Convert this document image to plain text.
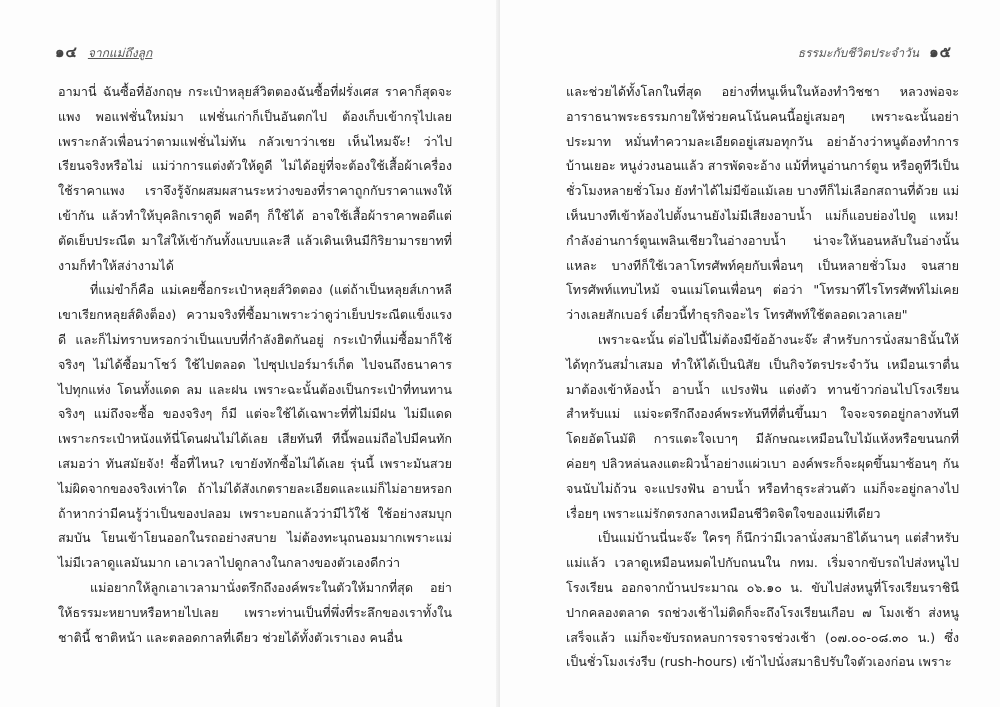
๑๔ จากแม่ถึงลูก

อามานี่ ฉันซื้อที่อังกฤษ กระเป๋าหลุยส์วิตตองฉันซื้อที่ฝรั่งเศส ราคาก็สุดจะแพง พอแฟชั่นใหม่มา แฟชั่นเก่าก็เป็นอันตกไป ต้องเก็บเข้ากรุไปเลย เพราะกลัวเพื่อนว่าตามแฟชั่นไม่ทัน กลัวเขาว่าเชย เห็นไหมจ๊ะ! ว่าไปเรียนจริงหรือไม่ แม่ว่าการแต่งตัวให้ดูดี ไม่ได้อยู่ที่จะต้องใช้เสื้อผ้าเครื่องใช้ราคาแพง เราจึงรู้จักผสมผสานระหว่างของที่ราคาถูกกับราคาแพงให้เข้ากัน แล้วทำให้บุคลิกเราดูดี พอดีๆ ก็ใช้ได้ อาจใช้เสื้อผ้าราคาพอดีแต่ตัดเย็บประณีต มาใส่ให้เข้ากันทั้งแบบและสี แล้วเดินเหินมีกิริยามารยาทที่งามก็ทำให้สง่างามได้

ที่แม่ขำก็คือ แม่เคยซื้อกระเป๋าหลุยส์วิตตอง (แต่ถ้าเป็นหลุยส์เกาหลีเขาเรียกหลุยส์ดิงต็อง) ความจริงที่ซื้อมาเพราะว่าดูว่าเย็บประณีตแข็งแรงดี และก็ไม่ทราบหรอกว่าเป็นแบบที่กำลังฮิตกันอยู่ กระเป๋าที่แม่ซื้อมาก็ใช้จริงๆ ไม่ได้ซื้อมาโชว์ ใช้ไปตลอด ไปซุปเปอร์มาร์เก็ต ไปจนถึงธนาคาร ไปทุกแห่ง โดนทั้งแดด ลม และฝน เพราะฉะนั้นต้องเป็นกระเป๋าที่ทนทานจริงๆ แม่ถึงจะซื้อ ของจริงๆ ก็มี แต่จะใช้ได้เฉพาะที่ที่ไม่มีฝน ไม่มีแดด เพราะกระเป๋าหนังแท้นี่โดนฝนไม่ได้เลย เสียทันที ทีนี้พอแม่ถือไปมีคนทักเสมอว่า ทันสมัยจัง! ซื้อที่ไหน? เขายังทักซื้อไม่ได้เลย รุ่นนี้ เพราะมันสวยไม่ผิดจากของจริงเท่าใด ถ้าไม่ได้สังเกตรายละเอียดและแม่ก็ไม่อายหรอก ถ้าหากว่ามีคนรู้ว่าเป็นของปลอม เพราะบอกแล้วว่ามีไว้ใช้ ใช้อย่างสมบุกสมบัน โยนเข้าโยนออกในรถอย่างสบาย ไม่ต้องทะนุถนอมมากเพราะแม่ไม่มีเวลาดูแลมันมาก เอาเวลาไปดูกลางในกลางของตัวเองดีกว่า

แม่อยากให้ลูกเอาเวลามานั่งตรึกถึงองค์พระในตัวให้มากที่สุด อย่าให้ธรรมะหยาบหรือหายไปเลย เพราะท่านเป็นที่พึ่งที่ระลึกของเราทั้งในชาตินี้ ชาติหน้า และตลอดกาลที่เดียว ช่วยได้ทั้งตัวเราเอง คนอื่น

ธรรมะกับชีวิตประจำวัน ๑๕

และช่วยได้ทั้งโลกในที่สุด อย่างที่หนูเห็นในห้องทำวิชชา หลวงพ่อจะอาราธนาพระธรรมกายให้ช่วยคนโน้นคนนี้อยู่เสมอๆ เพราะฉะนั้นอย่าประมาท หมั่นทำความละเอียดอยู่เสมอทุกวัน อย่าอ้างว่าหนูต้องทำการบ้านเยอะ หนูง่วงนอนแล้ว สารพัดจะอ้าง แม้ที่หนูอ่านการ์ตูน หรือดูทีวีเป็นชั่วโมงหลายชั่วโมง ยังทำได้ไม่มีข้อแม้เลย บางทีก็ไม่เลือกสถานที่ด้วย แม่เห็นบางทีเข้าห้องไปตั้งนานยังไม่มีเสียงอาบน้ำ แม่ก็แอบย่องไปดู แหม! กำลังอ่านการ์ตูนเพลินเชียวในอ่างอาบน้ำ น่าจะให้นอนหลับในอ่างนั้นแหละ บางทีก็ใช้เวลาโทรศัพท์คุยกับเพื่อนๆ เป็นหลายชั่วโมง จนสายโทรศัพท์แทบไหม้ จนแม่โดนเพื่อนๆ ต่อว่า "โทรมาทีไรโทรศัพท์ไม่เคยว่างเลยสักเบอร์ เดี๋ยวนี้ทำธุรกิจอะไร โทรศัพท์ใช้ตลอดเวลาเลย"

เพราะฉะนั้น ต่อไปนี้ไม่ต้องมีข้ออ้างนะจ๊ะ สำหรับการนั่งสมาธินั้นให้ได้ทุกวันสม่ำเสมอ ทำให้ได้เป็นนิสัย เป็นกิจวัตรประจำวัน เหมือนเราตื่นมาต้องเข้าห้องน้ำ อาบน้ำ แปรงฟัน แต่งตัว ทานข้าวก่อนไปโรงเรียน สำหรับแม่ แม่จะตรึกถึงองค์พระทันทีที่ตื่นขึ้นมา ใจจะจรดอยู่กลางทันทีโดยอัตโนมัติ การแตะใจเบาๆ มีลักษณะเหมือนใบไม้แห้งหรือขนนกที่ค่อยๆ ปลิวหล่นลงแตะผิวน้ำอย่างแผ่วเบา องค์พระก็จะผุดขึ้นมาซ้อนๆ กันจนนับไม่ถ้วน จะแปรงฟัน อาบน้ำ หรือทำธุระส่วนตัว แม่ก็จะอยู่กลางไปเรื่อยๆ เพราะแม่รักตรงกลางเหมือนชีวิตจิตใจของแม่ทีเดียว

เป็นแม่บ้านนี่นะจ๊ะ ใครๆ ก็นึกว่ามีเวลานั่งสมาธิได้นานๆ แต่สำหรับแม่แล้ว เวลาดูเหมือนหมดไปกับถนนใน กทม. เริ่มจากขับรถไปส่งหนูไปโรงเรียน ออกจากบ้านประมาณ ๐๖.๑๐ น. ขับไปส่งหนูที่โรงเรียนราชินีปากคลองตลาด รถช่วงเช้าไม่ติดก็จะถึงโรงเรียนเกือบ ๗ โมงเช้า ส่งหนูเสร็จแล้ว แม่ก็จะขับรถหลบการจราจรช่วงเช้า (๐๗.๐๐-๐๘.๓๐ น.) ซึ่งเป็นชั่วโมงเร่งรีบ (rush-hours) เข้าไปนั่งสมาธิปรับใจตัวเองก่อน เพราะ
